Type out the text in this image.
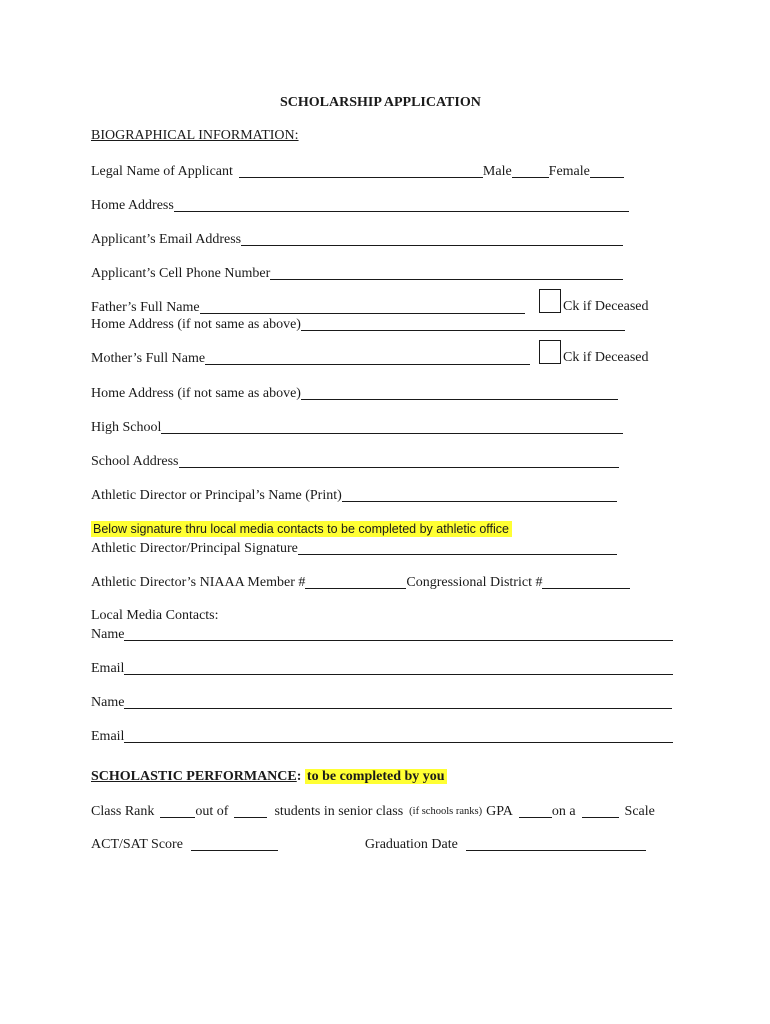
SCHOLARSHIP APPLICATION
BIOGRAPHICAL INFORMATION:
Legal Name of Applicant	Male	Female
Home Address
Applicant’s Email Address
Applicant’s Cell Phone Number
Father’s Full Name	Ck if Deceased
Home Address (if not same as above)
Mother’s Full Name	Ck if Deceased
Home Address (if not same as above)
High School
School Address
Athletic Director or Principal’s Name (Print)
Below signature thru local media contacts to be completed by athletic office
Athletic Director/Principal Signature
Athletic Director’s NIAAA Member #	Congressional District #
Local Media Contacts:
Name
Email
Name
Email
SCHOLASTIC PERFORMANCE: to be completed by you
Class Rank	out of	students in senior class (if schools ranks) GPA	on a	Scale
ACT/SAT Score	Graduation Date
